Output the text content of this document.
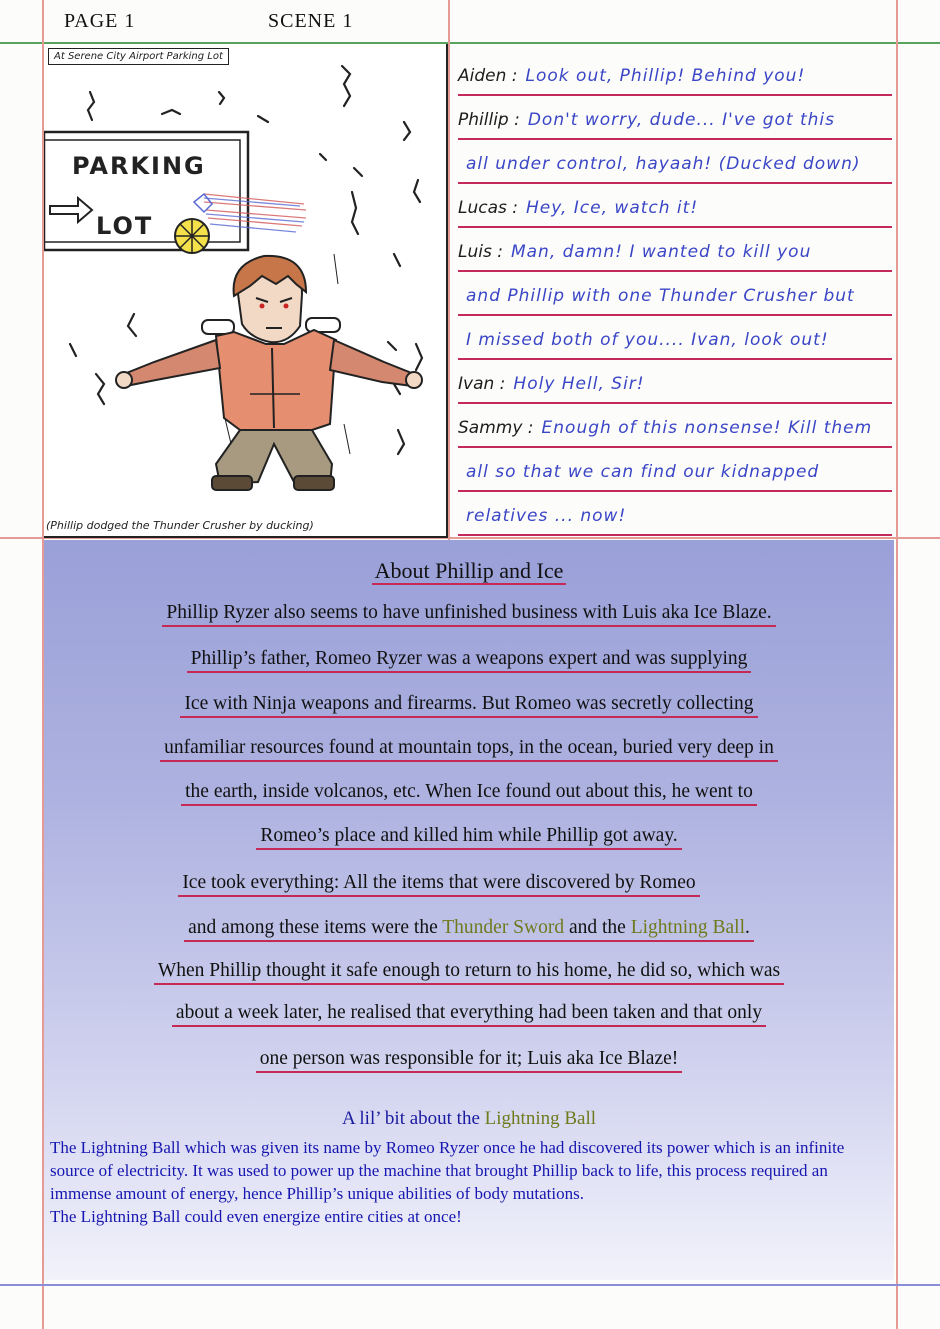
PAGE 1	SCENE 1
PARKING
LOT
At Serene City Airport Parking Lot
(Phillip dodged the Thunder Crusher by ducking)
Aiden : Look out, Phillip! Behind you!
Phillip : Don't worry, dude... I've got this
all under control, hayaah! (Ducked down)
Lucas : Hey, Ice, watch it!
Luis : Man, damn! I wanted to kill you
and Phillip with one Thunder Crusher but
I missed both of you.... Ivan, look out!
Ivan : Holy Hell, Sir!
Sammy : Enough of this nonsense! Kill them
all so that we can find our kidnapped
relatives ... now!
About Phillip and Ice
Phillip Ryzer also seems to have unfinished business with Luis aka Ice Blaze.
Phillip’s father, Romeo Ryzer was a weapons expert and was supplying
Ice with Ninja weapons and firearms. But Romeo was secretly collecting
unfamiliar resources found at mountain tops, in the ocean, buried very deep in
the earth, inside volcanos, etc. When Ice found out about this, he went to
Romeo’s place and killed him while Phillip got away.
Ice took everything: All the items that were discovered by Romeo
and among these items were the Thunder Sword and the Lightning Ball.
When Phillip thought it safe enough to return to his home, he did so, which was
about a week later, he realised that everything had been taken and that only
one person was responsible for it; Luis aka Ice Blaze!
A lil’ bit about the Lightning Ball
The Lightning Ball which was given its name by Romeo Ryzer once he had discovered its power which is an infinite source of electricity. It was used to power up the machine that brought Phillip back to life, this process required an immense amount of energy, hence Phillip’s unique abilities of body mutations.
The Lightning Ball could even energize entire cities at once!
